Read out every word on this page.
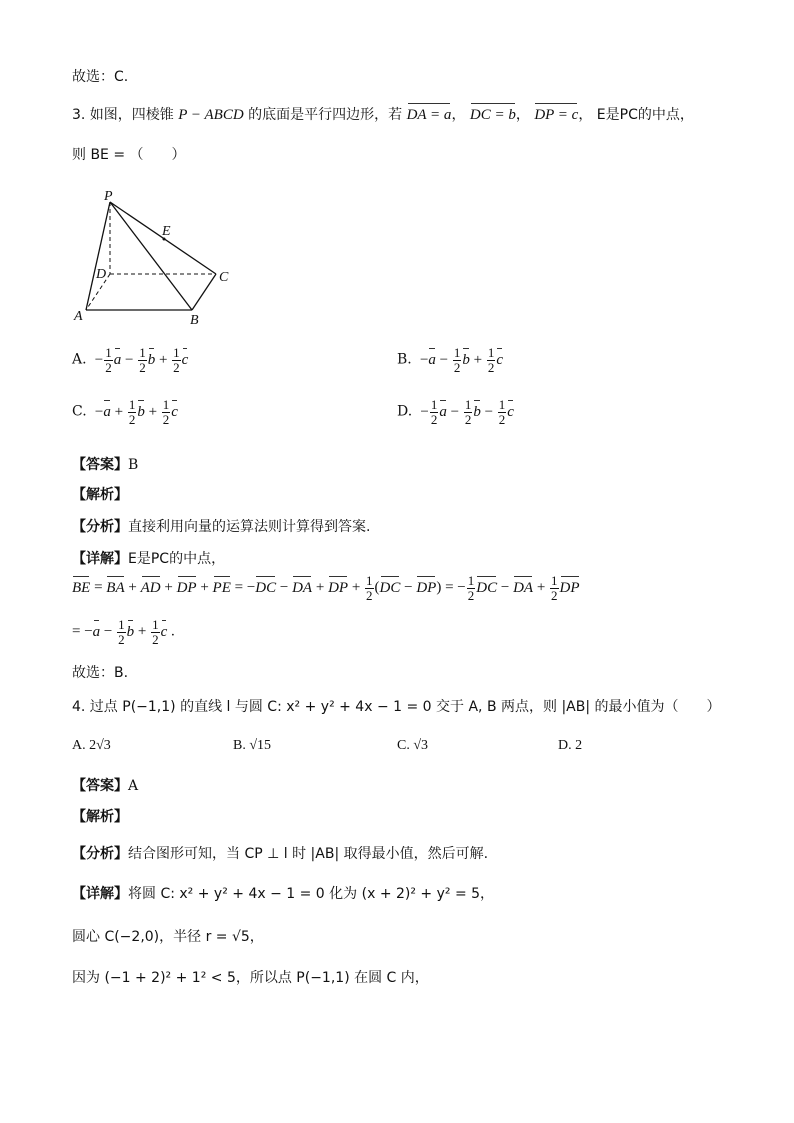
故选：C.
3. 如图，四棱锥 P − ABCD 的底面是平行四边形，若 DA = a， DC = b， DP = c， E是PC的中点，
则 BE = （　　）
P
E
D	C
A	B
A.  − $\frac{1}{2}$ $a - \frac{1}{2}$ $b + \frac{1}{2}$ c	B.  $-a - \frac{1}{2}$ $b + \frac{1}{2}$ c
C.  $-a + \frac{1}{2}$ $b + \frac{1}{2}$ c	D.  − $\frac{1}{2}$ $a - \frac{1}{2}$ $b - \frac{1}{2}$ c
【答案】B
【解析】
【分析】直接利用向量的运算法则计算得到答案.
【详解】E是PC的中点，
BE = BA + AD + DP + PE = −DC − DA + DP + $\frac{1}{2} (DC - DP)$ = − $\frac{1}{2}$ DC − DA + $\frac{1}{2}$ DP
= $-a - \frac{1}{2}$ $b + \frac{1}{2}$ c .
故选：B.
4. 过点 P(−1,1) 的直线 l 与圆 C: x² + y² + 4x − 1 = 0 交于 A, B 两点，则 |AB| 的最小值为（　　）
A. 2√3	B. √15	C. √3	D. 2
【答案】A
【解析】
【分析】结合图形可知，当 CP ⊥ l 时 |AB| 取得最小值，然后可解.
【详解】将圆 C: x² + y² + 4x − 1 = 0 化为 (x + 2)² + y² = 5，
圆心 C(−2,0)，半径 r = √5，
因为 (−1 + 2)² + 1² < 5，所以点 P(−1,1) 在圆 C 内，
